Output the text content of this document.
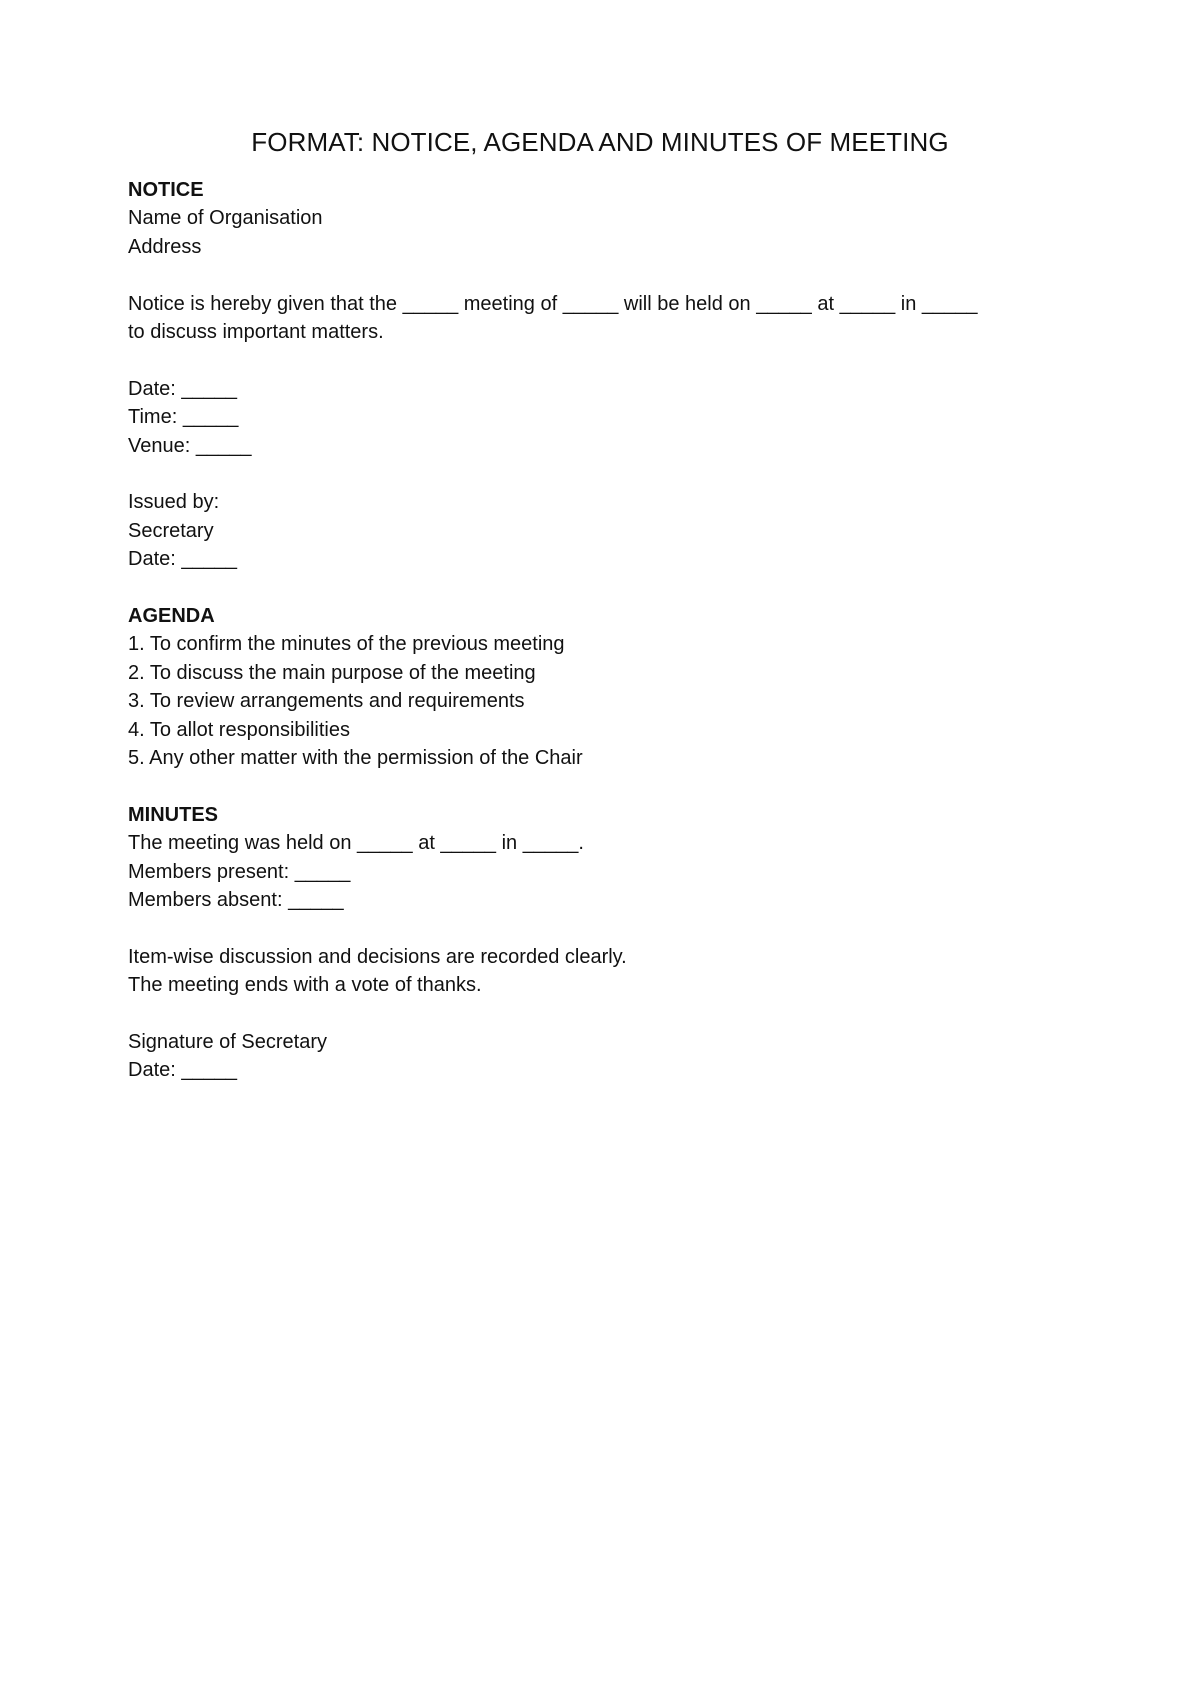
FORMAT: NOTICE, AGENDA AND MINUTES OF MEETING
NOTICE
Name of Organisation
Address
Notice is hereby given that the _____ meeting of _____ will be held on _____ at _____ in _____
to discuss important matters.
Date: _____
Time: _____
Venue: _____
Issued by:
Secretary
Date: _____
AGENDA
1. To confirm the minutes of the previous meeting
2. To discuss the main purpose of the meeting
3. To review arrangements and requirements
4. To allot responsibilities
5. Any other matter with the permission of the Chair
MINUTES
The meeting was held on _____ at _____ in _____.
Members present: _____
Members absent: _____
Item-wise discussion and decisions are recorded clearly.
The meeting ends with a vote of thanks.
Signature of Secretary
Date: _____
